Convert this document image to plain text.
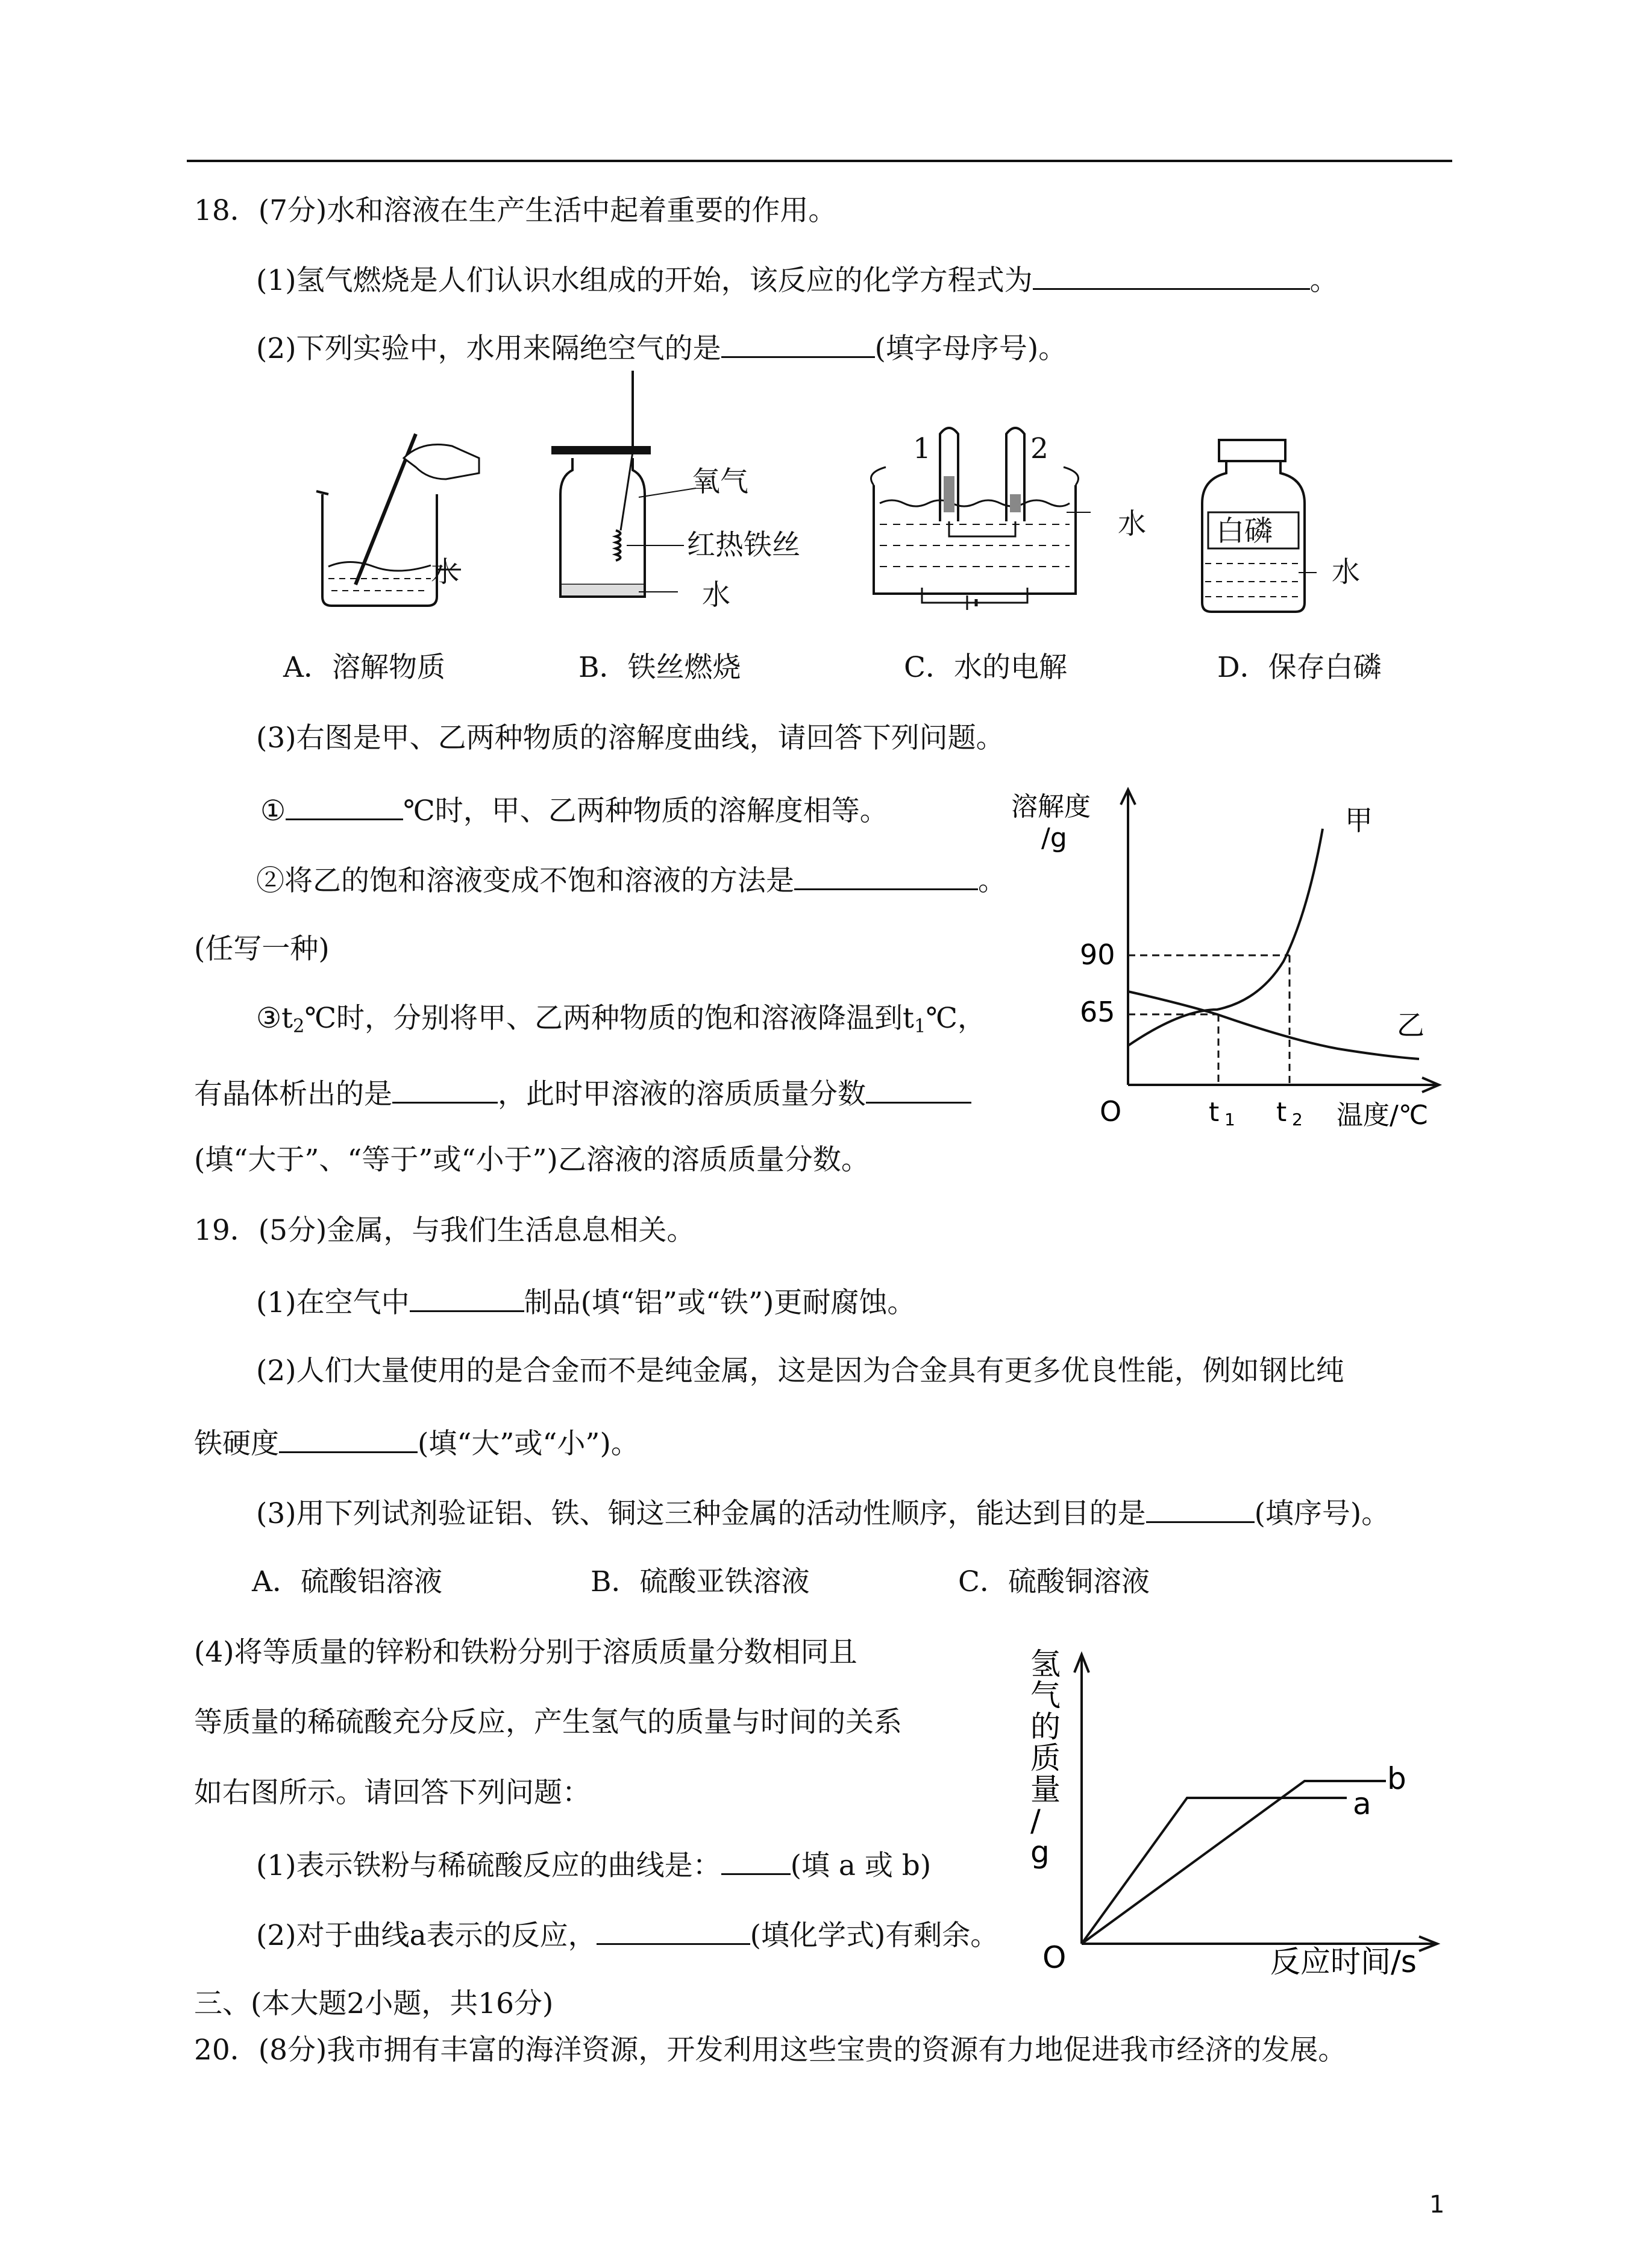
18．(7分)水和溶液在生产生活中起着重要的作用。
(1)氢气燃烧是人们认识水组成的开始，该反应的化学方程式为	。
(2)下列实验中，水用来隔绝空气的是	(填字母序号)。
水
氧气
红热铁丝
水
1	2
水 白磷
水
A．溶解物质	B．铁丝燃烧	C．水的电解	D．保存白磷
(3)右图是甲、乙两种物质的溶解度曲线，请回答下列问题。
①	℃时，甲、乙两种物质的溶解度相等。
②将乙的饱和溶液变成不饱和溶液的方法是	。
(任写一种)
$③t_2℃$时，分别将甲、乙两种物质的饱和溶液降温到$t_1℃$，
有晶体析出的是	，此时甲溶液的溶质质量分数
(填“大于”、“等于”或“小于”)乙溶液的溶质质量分数。
溶解度
/g
90
65
t 1 t 2
甲
乙
O	温度/℃
19．(5分)金属，与我们生活息息相关。
(1)在空气中	制品(填“铝”或“铁”)更耐腐蚀。
(2)人们大量使用的是合金而不是纯金属，这是因为合金具有更多优良性能，例如钢比纯
铁硬度	(填“大”或“小”)。
(3)用下列试剂验证铝、铁、铜这三种金属的活动性顺序，能达到目的是	(填序号)。
A．硫酸铝溶液	B．硫酸亚铁溶液	C．硫酸铜溶液
(4)将等质量的锌粉和铁粉分别于溶质质量分数相同且
等质量的稀硫酸充分反应，产生氢气的质量与时间的关系
如右图所示。请回答下列问题：
(1)表示铁粉与稀硫酸反应的曲线是： (填 a 或 b)
(2)对于曲线a表示的反应，	(填化学式)有剩余。
氢
气
的
质
量
/
g
b
a
O	反应时间/s
三、(本大题2小题，共16分)
20．(8分)我市拥有丰富的海洋资源，开发利用这些宝贵的资源有力地促进我市经济的发展。
1
